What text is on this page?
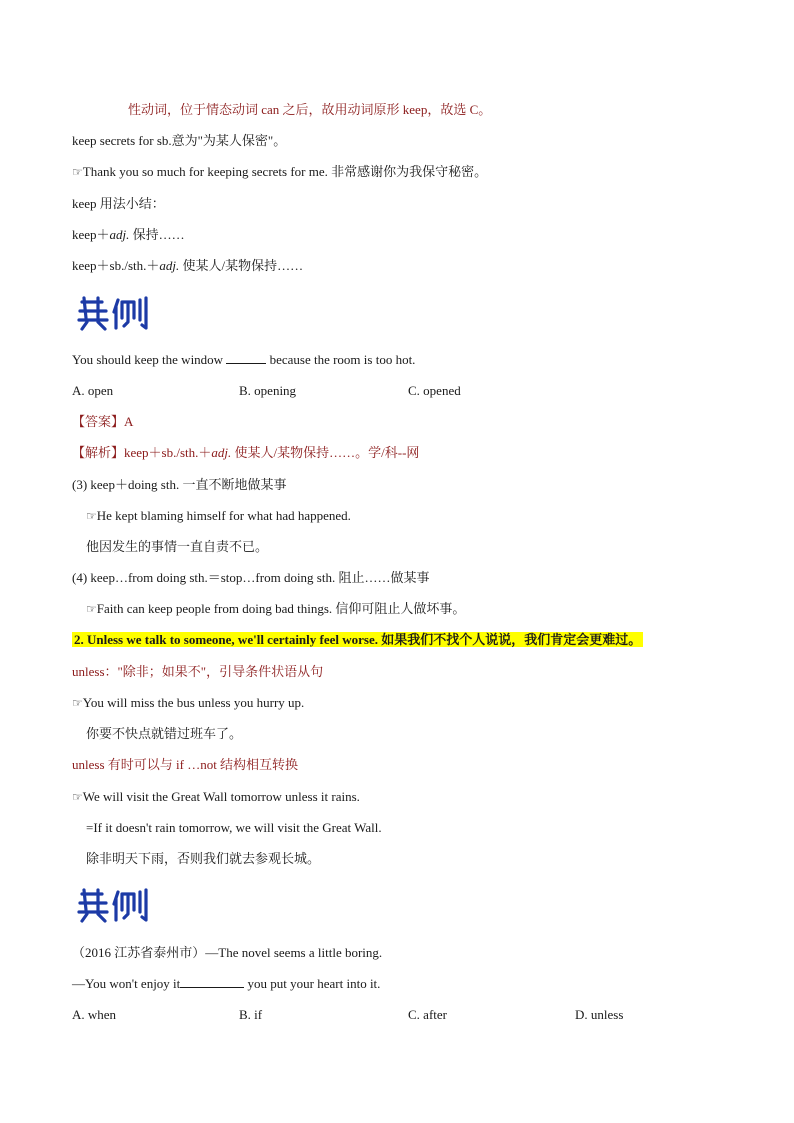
性动词，位于情态动词 can 之后，故用动词原形 keep，故选 C。
keep secrets for sb.意为"为某人保密"。
☞Thank you so much for keeping secrets for me. 非常感谢你为我保守秘密。
keep 用法小结：
keep＋adj. 保持……
keep＋sb./sth.＋adj. 使某人/某物保持……
You should keep the window	because the room is too hot.
A. open	B. opening	C. opened
【答案】A
【解析】keep＋sb./sth.＋adj. 使某人/某物保持……。学/科--网
(3) keep＋doing sth. 一直不断地做某事
☞He kept blaming himself for what had happened.
他因发生的事情一直自责不已。
(4) keep…from doing sth.＝stop…from doing sth. 阻止……做某事
☞Faith can keep people from doing bad things. 信仰可阻止人做坏事。
2. Unless we talk to someone, we'll certainly feel worse. 如果我们不找个人说说，我们肯定会更难过。
unless："除非；如果不"，引导条件状语从句
☞You will miss the bus unless you hurry up.
你要不快点就错过班车了。
unless 有时可以与 if …not 结构相互转换
☞We will visit the Great Wall tomorrow unless it rains.
=If it doesn't rain tomorrow, we will visit the Great Wall.
除非明天下雨，否则我们就去参观长城。
（2016 江苏省泰州市）—The novel seems a little boring.
—You won't enjoy it	you put your heart into it.
A. when	B. if	C. after	D. unless
